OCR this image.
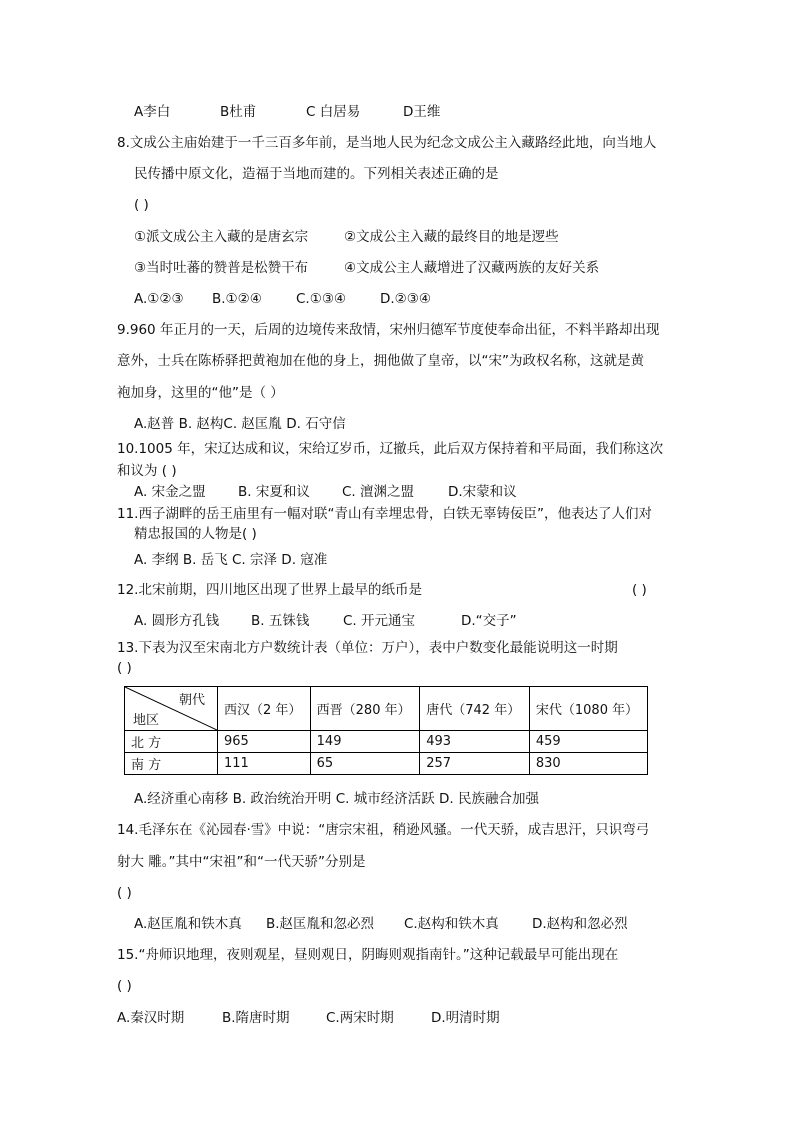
A李白	B杜甫	C 白居易	D王维
8.文成公主庙始建于一千三百多年前，是当地人民为纪念文成公主入藏路经此地，向当地人
民传播中原文化，造福于当地而建的。下列相关表述正确的是
( )
①派文成公主入藏的是唐玄宗	②文成公主入藏的最终目的地是逻些
③当时吐蕃的赞普是松赞干布	④文成公主人藏增进了汉藏两族的友好关系
A.①②③ B.①②④	C.①③④	D.②③④
9.960 年正月的一天，后周的边境传来敌情，宋州归德军节度使奉命出征，不料半路却出现
意外，士兵在陈桥驿把黄袍加在他的身上，拥他做了皇帝，以“宋”为政权名称，这就是黄
袍加身，这里的“他”是（ ）
A.赵普 B. 赵构C. 赵匡胤 D. 石守信
10.1005 年，宋辽达成和议，宋给辽岁币，辽撤兵，此后双方保持着和平局面，我们称这次
和议为 ( )
A. 宋金之盟 B. 宋夏和议 C. 澶渊之盟	D.宋蒙和议
11.西子湖畔的岳王庙里有一幅对联“青山有幸埋忠骨，白铁无辜铸佞臣”，他表达了人们对
精忠报国的人物是( )
A. 李纲 B. 岳飞 C. 宗泽 D. 寇准
12.北宋前期，四川地区出现了世界上最早的纸币是	( )
A. 圆形方孔钱 B. 五铢钱 C. 开元通宝	D.“交子”
13.下表为汉至宋南北方户数统计表（单位：万户），表中户数变化最能说明这一时期
( )
朝代
地区	西汉（2 年）	西晋（280 年）	唐代（742 年）	宋代（1080 年）
北 方	965	149	493	459
南 方	111	65	257	830
A.经济重心南移 B. 政治统治开明 C. 城市经济活跃 D. 民族融合加强
14.毛泽东在《沁园春·雪》中说：“唐宗宋祖，稍逊风骚。一代天骄，成吉思汗，只识弯弓
射大 雕。”其中“宋祖”和“一代天骄”分别是
( )
A.赵匡胤和铁木真 B.赵匡胤和忽必烈 C.赵构和铁木真 D.赵构和忽必烈
15.“舟师识地理，夜则观星，昼则观日，阴晦则观指南针。”这种记载最早可能出现在
( )
A.秦汉时期	B.隋唐时期	C.两宋时期	D.明清时期
